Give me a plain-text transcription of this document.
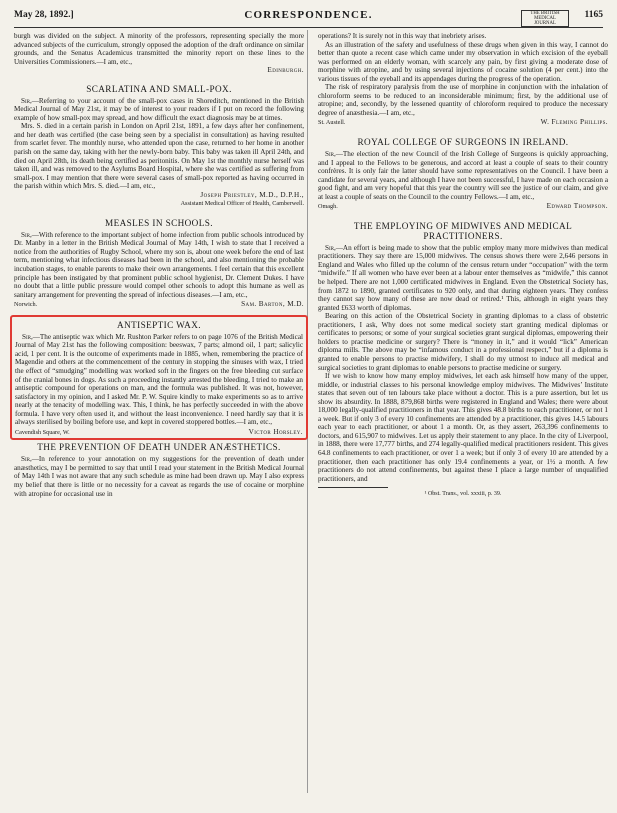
May 28, 1892.]	CORRESPONDENCE.	THE BRITISH
MEDICAL JOURNAL
1165

burgh was divided on the subject. A minority of the professors, representing specially the more advanced subjects of the curriculum, strongly opposed the adoption of the draft ordinance on similar grounds, and the Senatus Academicus transmitted the minority report on these lines to the Universities Commissioners.—I am, etc.,

Edinburgh.
SCARLATINA AND SMALL-POX.

Sir,—Referring to your account of the small-pox cases in Shoreditch, mentioned in the British Medical Journal of May 21st, it may be of interest to your readers if I put on record the following example of how small-pox may spread, and how difficult the exact diagnosis may be at times.

Mrs. S. died in a certain parish in London on April 21st, 1891, a few days after her confinement, and her death was certified (the case being seen by a specialist in consultation) as having resulted from scarlet fever. The monthly nurse, who attended upon the case, returned to her home in another parish on the same day, taking with her the newly-born baby. This baby was taken ill April 24th, and died on April 28th, its death being certified as peritonitis. On May 1st the monthly nurse herself was taken ill, and was removed to the Asylums Board Hospital, where she was certified as suffering from small-pox. I may mention that there were several cases of small-pox reported as having occurred in the parish within which Mrs. S. died.—I am, etc.,

Joseph Priestley, M.D., D.P.H.,
Assistant Medical Officer of Health, Camberwell.
MEASLES IN SCHOOLS.

Sir,—With reference to the important subject of home infection from public schools introduced by Dr. Manby in a letter in the British Medical Journal of May 14th, I wish to state that I received a notice from the authorities of Rugby School, where my son is, about one week before the end of last term, mentioning what infectious diseases had been in the school, and also mentioning the probable incubation stages, to enable parents to make their own arrangements. I feel certain that this excellent principle has been instigated by that prominent public school hygienist, Dr. Clement Dukes. I have no doubt that a little public pressure would compel other schools to adopt this humane as well as sanitary arrangement for preventing the spread of infectious diseases.—I am, etc.,

Norwich.	Sam. Barton, M.D.
ANTISEPTIC WAX.

Sir,—The antiseptic wax which Mr. Rushton Parker refers to on page 1076 of the British Medical Journal of May 21st has the following composition: beeswax, 7 parts; almond oil, 1 part; salicylic acid, 1 per cent. It is the outcome of experiments made in 1885, when, remembering the practice of Magendie and others at the commencement of the century in stopping the sinuses with wax, I tried the effect of “smudging” modelling wax worked soft in the fingers on the free bleeding cut surface of the cranial bones in dogs. As such a proceeding instantly arrested the bleeding, I tried to make an antiseptic compound for operations on man, and the formula was published. It was not, however, satisfactory in my opinion, and I asked Mr. P. W. Squire kindly to make experiments so as to arrive nearly at the tenacity of modelling wax. This, I think, he has perfectly succeeded in with the above formula. I have very often used it, and without the least inconvenience. I need hardly say that it is always sterilised by boiling before use, and kept in covered stoppered bottles.—I am, etc.,

Cavendish Square, W.	Victor Horsley.
THE PREVENTION OF DEATH UNDER ANÆSTHETICS.

Sir,—In reference to your annotation on my suggestions for the prevention of death under anæsthetics, may I be permitted to say that until I read your statement in the British Medical Journal of May 14th I was not aware that any such schedule as mine had been drawn up. May I also express my belief that there is little or no necessity for a caveat as regards the use of cocaine or morphine with atropine for occasional use in

operations? It is surely not in this way that inebriety arises.

As an illustration of the safety and usefulness of these drugs when given in this way, I cannot do better than quote a recent case which came under my observation in which excision of the eyeball was performed on an elderly woman, with scarcely any pain, by first giving a moderate dose of morphine with atropine, and by using several injections of cocaine solution (4 per cent.) into the various tissues of the eyeball and its appendages during the progress of the operation.

The risk of respiratory paralysis from the use of morphine in conjunction with the inhalation of chloroform seems to be reduced to an inconsiderable minimum; first, by the additional use of atropine; and, secondly, by the lessened quantity of chloroform required to produce the necessary degree of anæsthesia.—I am, etc.,

St. Austell.	W. Fleming Phillips.
ROYAL COLLEGE OF SURGEONS IN IRELAND.

Sir,—The election of the new Council of the Irish College of Surgeons is quickly approaching, and I appeal to the Fellows to be generous, and accord at least a couple of seats to their country confrères. It is only fair the latter should have some representatives on the Council. I have been a candidate for several years, and although I have not been successful, I have made on each occasion a good fight, and am very hopeful that this year the country will see the justice of our claim, and give at least a couple of seats on the Council to the country Fellows.—I am, etc.,

Omagh.	Edward Thompson.
THE EMPLOYING OF MIDWIVES AND MEDICAL PRACTITIONERS.

Sir,—An effort is being made to show that the public employ many more midwives than medical practitioners. They say there are 15,000 midwives. The census shows there were 2,646 persons in England and Wales who filled up the column of the census return under “occupation” with the term “midwife.” If all women who have ever been at a labour enter themselves as “midwife,” this cannot be helped. There are not 1,000 certificated midwives in England. Even the Obstetrical Society has, from 1872 to 1890, granted certificates to 920 only, and that during eighteen years. They confess they cannot say how many of these are now dead or retired.¹ This, although in eight years they granted £633 worth of diplomas.

Bearing on this action of the Obstetrical Society in granting diplomas to a class of obstetric practitioners, I ask, Why does not some medical society start granting medical diplomas or certificates to persons; or some of your surgical societies grant surgical diplomas, empowering their holders to practise medicine or surgery? There is “money in it,” and it would “lick” American diploma mills. The above may be “infamous conduct in a professional respect,” but if a diploma is granted to enable persons to practise midwifery, I shall do my utmost to induce all medical and surgical societies to grant diplomas to enable persons to practise medicine or surgery.

If we wish to know how many employ midwives, let each ask himself how many of the upper, middle, or industrial classes to his personal knowledge employ midwives. The Midwives’ Institute states that seven out of ten labours take place without a doctor. This is a pure assertion, but let us show its absurdity. In 1888, 879,868 births were registered in England and Wales; there were about 18,000 legally-qualified practitioners in that year. This gives 48.8 births to each practitioner, or not 1 a week. But if only 3 of every 10 confinements are attended by a practitioner, this gives 14.5 labours each year to each practitioner, or about 1 a month. Or, as they assert, 263,396 confinements to doctors, and 615,907 to midwives. Let us apply their statement to any place. In the city of Liverpool, in 1888, there were 17,777 births, and 274 legally-qualified medical practitioners resident. This gives 64.8 confinements to each practitioner, or over 1 a week; but if only 3 of every 10 are attended by a practitioner, then each practitioner has only 19.4 confinements a year, or 1½ a month. A few practitioners do not attend confinements, but against these I place a large number of unqualified practitioners, and

¹ Obst. Trans., vol. xxxiii, p. 39.
